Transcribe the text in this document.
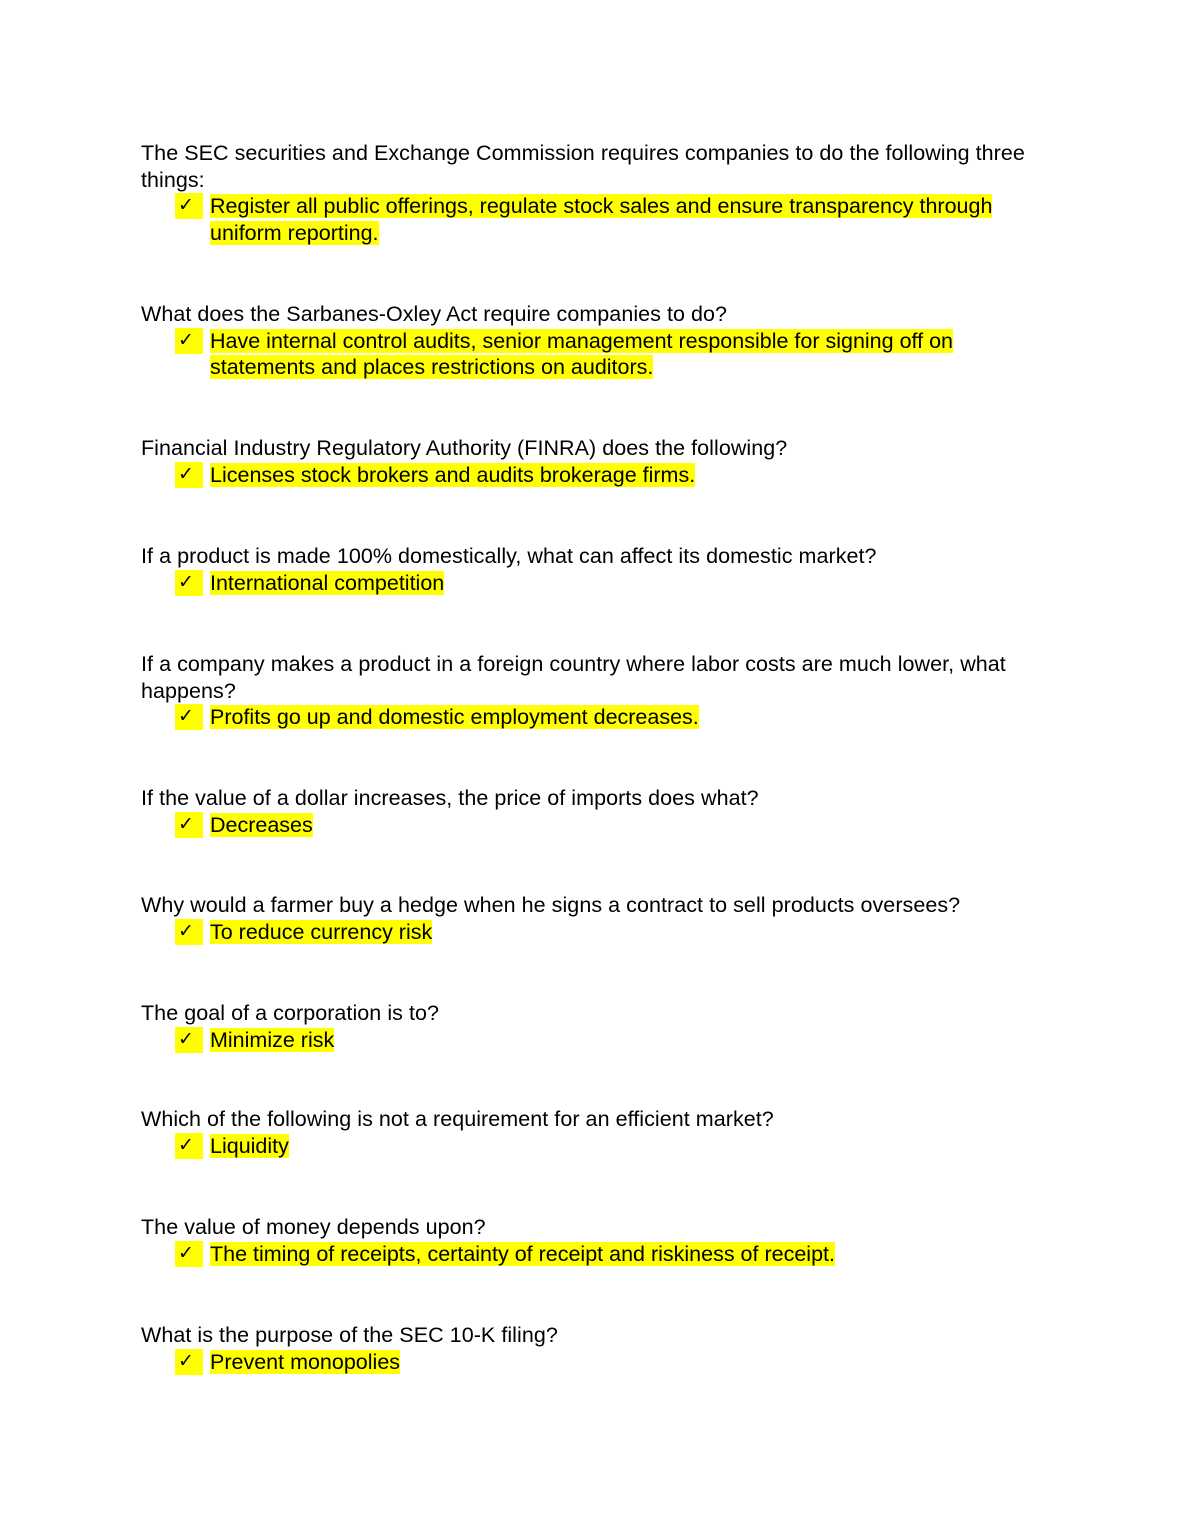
The SEC securities and Exchange Commission requires companies to do the following three things:

✓ Register all public offerings, regulate stock sales and ensure transparency through uniform reporting.

What does the Sarbanes-Oxley Act require companies to do?

✓ Have internal control audits, senior management responsible for signing off on statements and places restrictions on auditors.

Financial Industry Regulatory Authority (FINRA) does the following?

✓ Licenses stock brokers and audits brokerage firms.

If a product is made 100% domestically, what can affect its domestic market?

✓ International competition

If a company makes a product in a foreign country where labor costs are much lower, what happens?

✓ Profits go up and domestic employment decreases.

If the value of a dollar increases, the price of imports does what?

✓ Decreases

Why would a farmer buy a hedge when he signs a contract to sell products oversees?

✓ To reduce currency risk

The goal of a corporation is to?

✓ Minimize risk

Which of the following is not a requirement for an efficient market?

✓ Liquidity

The value of money depends upon?

✓ The timing of receipts, certainty of receipt and riskiness of receipt.

What is the purpose of the SEC 10-K filing?

✓ Prevent monopolies
